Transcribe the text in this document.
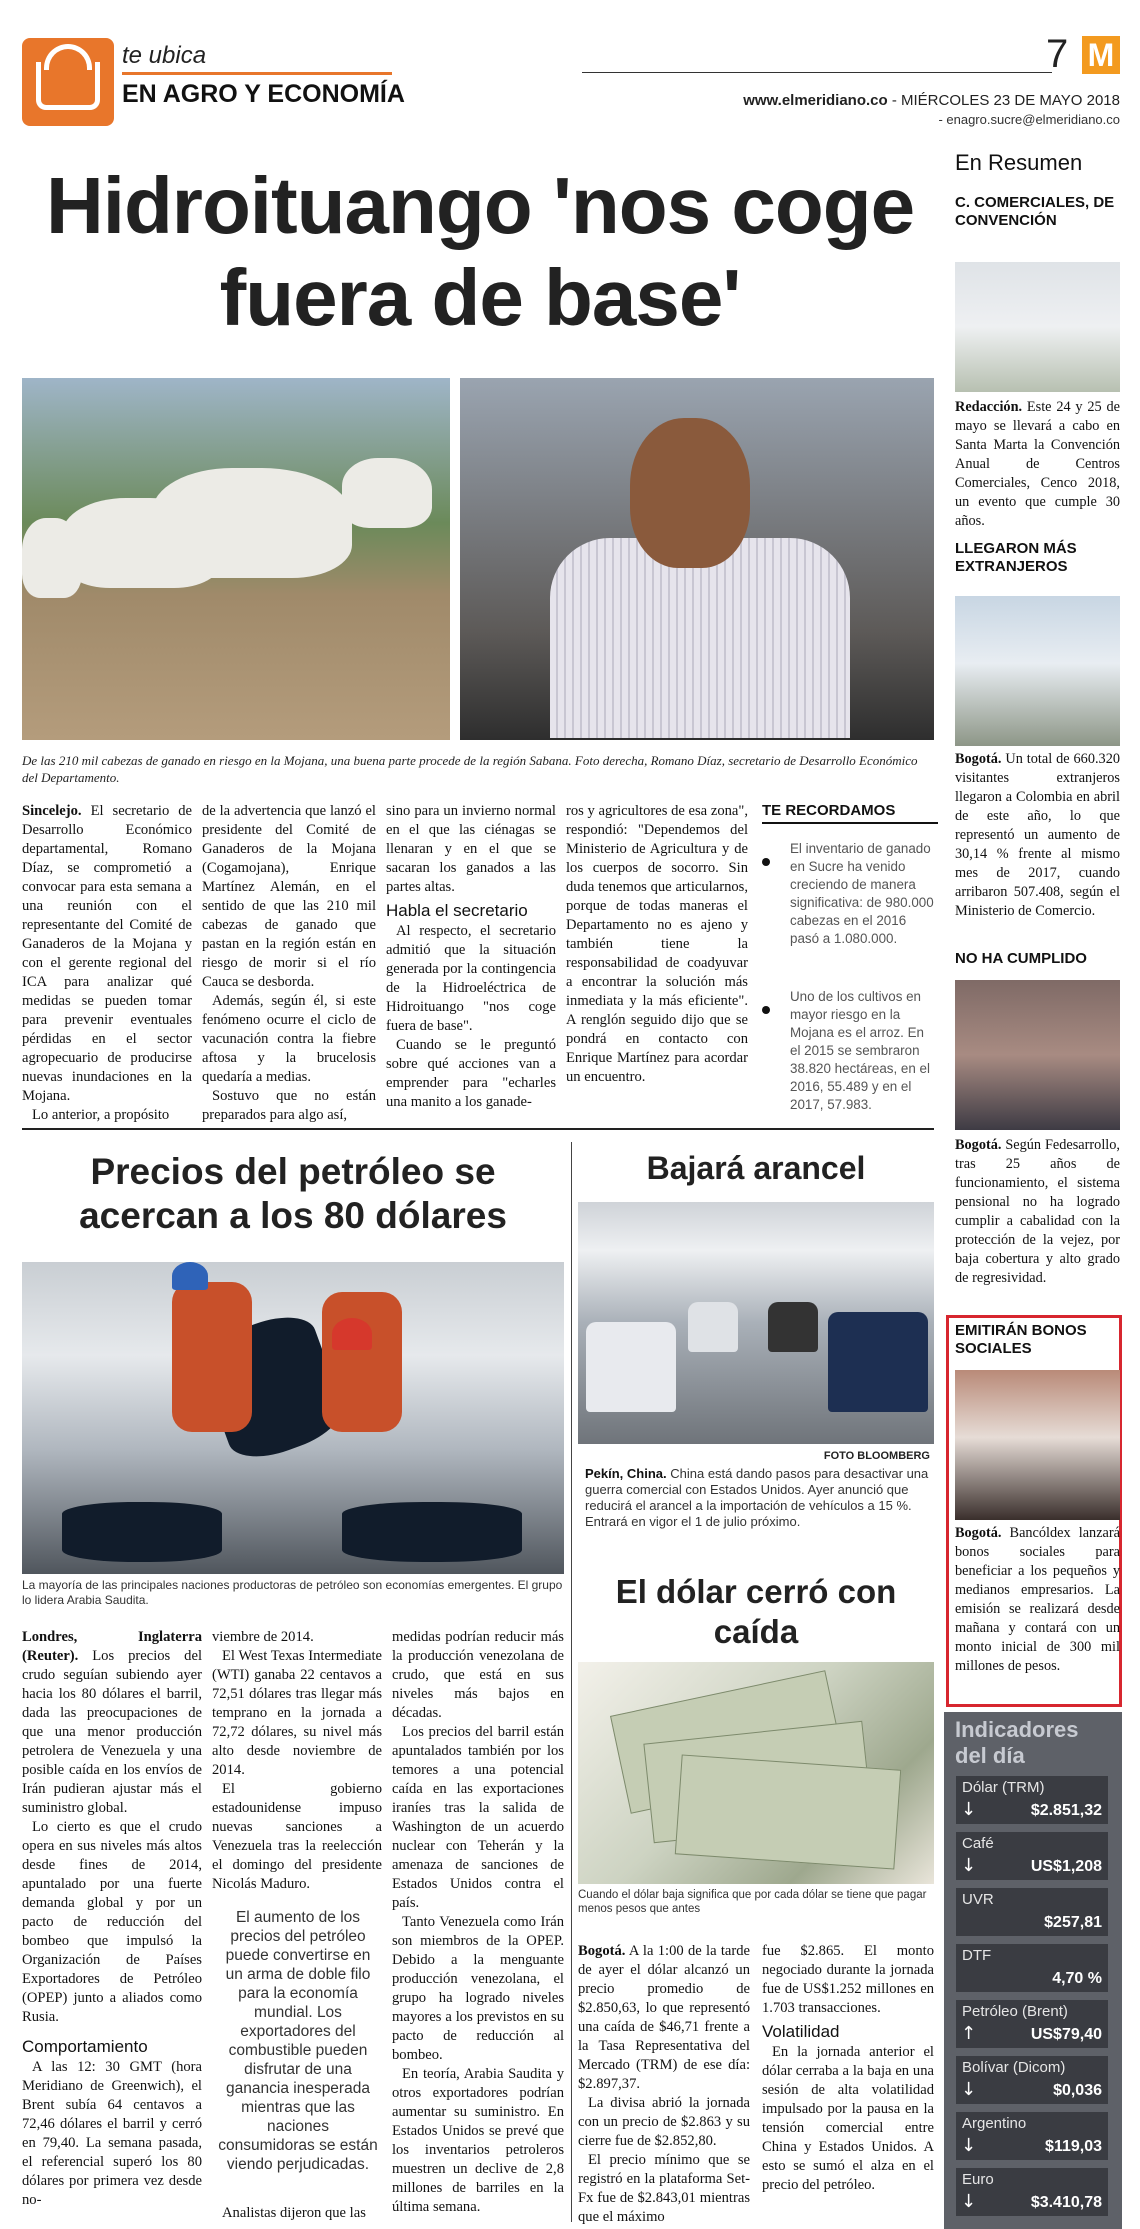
te ubica
EN AGRO Y ECONOMÍA
7 M
www.elmeridiano.co - MIÉRCOLES 23 DE MAYO 2018
- enagro.sucre@elmeridiano.co
Hidroituango 'nos coge fuera de base'
De las 210 mil cabezas de ganado en riesgo en la Mojana, una buena parte procede de la región Sabana. Foto derecha, Romano Díaz, secretario de Desarrollo Económico del Departamento.
Sincelejo. El secretario de Desarrollo Económico departamental, Romano Díaz, se comprometió a convocar para esta semana a una reunión con el representante del Comité de Ganaderos de la Mojana y con el gerente regional del ICA para analizar qué medidas se pueden tomar para prevenir eventuales pérdidas en el sector agropecuario de producirse nuevas inundaciones en la Mojana.
Lo anterior, a propósito
de la advertencia que lanzó el presidente del Comité de Ganaderos de la Mojana (Cogamojana), Enrique Martínez Alemán, en el sentido de que las 210 mil cabezas de ganado que pastan en la región están en riesgo de morir si el río Cauca se desborda.
Además, según él, si este fenómeno ocurre el ciclo de vacunación contra la fiebre aftosa y la brucelosis quedaría a medias.
Sostuvo que no están preparados para algo así,
sino para un invierno normal en el que las ciénagas se llenaran y en el que se sacaran los ganados a las partes altas.
Habla el secretario
Al respecto, el secretario admitió que la situación generada por la contingencia de la Hidroeléctrica de Hidroituango "nos coge fuera de base".
Cuando se le preguntó sobre qué acciones van a emprender para "echarles una manito a los ganade-
ros y agricultores de esa zona", respondió: "Dependemos del Ministerio de Agricultura y de los cuerpos de socorro. Sin duda tenemos que articularnos, porque de todas maneras el Departamento no es ajeno y también tiene la responsabilidad de coadyuvar a encontrar la solución más inmediata y la más eficiente". A renglón seguido dijo que se pondrá en contacto con Enrique Martínez para acordar un encuentro.
TE RECORDAMOS
El inventario de ganado en Sucre ha venido creciendo de manera significativa: de 980.000 cabezas en el 2016 pasó a 1.080.000.
Uno de los cultivos en mayor riesgo en la Mojana es el arroz. En el 2015 se sembraron 38.820 hectáreas, en el 2016, 55.489 y en el 2017, 57.983.
Precios del petróleo se acercan a los 80 dólares
La mayoría de las principales naciones productoras de petróleo son economías emergentes. El grupo lo lidera Arabia Saudita.
Londres, Inglaterra (Reuter). Los precios del crudo seguían subiendo ayer hacia los 80 dólares el barril, dada las preocupaciones de que una menor producción petrolera de Venezuela y una posible caída en los envíos de Irán pudieran ajustar más el suministro global.
Lo cierto es que el crudo opera en sus niveles más altos desde fines de 2014, apuntalado por una fuerte demanda global y por un pacto de reducción del bombeo que impulsó la Organización de Países Exportadores de Petróleo (OPEP) junto a aliados como Rusia.
Comportamiento
A las 12: 30 GMT (hora Meridiano de Greenwich), el Brent subía 64 centavos a 72,46 dólares el barril y cerró en 79,40. La semana pasada, el referencial superó los 80 dólares por primera vez desde no-
viembre de 2014.
El West Texas Intermediate (WTI) ganaba 22 centavos a 72,51 dólares tras llegar más temprano en la jornada a 72,72 dólares, su nivel más alto desde noviembre de 2014.
El gobierno estadounidense impuso nuevas sanciones a Venezuela tras la reelección el domingo del presidente Nicolás Maduro.
El aumento de los precios del petróleo puede convertirse en un arma de doble filo para la economía mundial. Los exportadores del combustible pueden disfrutar de una ganancia inesperada mientras que las naciones consumidoras se están viendo perjudicadas.
Analistas dijeron que las
medidas podrían reducir más la producción venezolana de crudo, que está en sus niveles más bajos en décadas.
Los precios del barril están apuntalados también por los temores a una potencial caída en las exportaciones iraníes tras la salida de Washington de un acuerdo nuclear con Teherán y la amenaza de sanciones de Estados Unidos contra el país.
Tanto Venezuela como Irán son miembros de la OPEP. Debido a la menguante producción venezolana, el grupo ha logrado niveles mayores a los previstos en su pacto de reducción al bombeo.
En teoría, Arabia Saudita y otros exportadores podrían aumentar su suministro. En Estados Unidos se prevé que los inventarios petroleros muestren un declive de 2,8 millones de barriles en la última semana.
Bajará arancel
FOTO BLOOMBERG
Pekín, China. China está dando pasos para desactivar una guerra comercial con Estados Unidos. Ayer anunció que reducirá el arancel a la importación de vehículos a 15 %. Entrará en vigor el 1 de julio próximo.
El dólar cerró con caída
Cuando el dólar baja significa que por cada dólar se tiene que pagar menos pesos que antes
Bogotá. A la 1:00 de la tarde de ayer el dólar alcanzó un precio promedio de $2.850,63, lo que representó una caída de $46,71 frente a la Tasa Representativa del Mercado (TRM) de ese día: $2.897,37.
La divisa abrió la jornada con un precio de $2.863 y su cierre fue de $2.852,80.
El precio mínimo que se registró en la plataforma Set-Fx fue de $2.843,01 mientras que el máximo
fue $2.865. El monto negociado durante la jornada fue de US$1.252 millones en 1.703 transacciones.
Volatilidad
En la jornada anterior el dólar cerraba a la baja en una sesión de alta volatilidad impulsado por la pausa en la tensión comercial entre China y Estados Unidos. A esto se sumó el alza en el precio del petróleo.
En Resumen
C. COMERCIALES, DE CONVENCIÓN
Redacción. Este 24 y 25 de mayo se llevará a cabo en Santa Marta la Convención Anual de Centros Comerciales, Cenco 2018, un evento que cumple 30 años.
LLEGARON MÁS EXTRANJEROS
Bogotá. Un total de 660.320 visitantes extranjeros llegaron a Colombia en abril de este año, lo que representó un aumento de 30,14 % frente al mismo mes de 2017, cuando arribaron 507.408, según el Ministerio de Comercio.
NO HA CUMPLIDO
Bogotá. Según Fedesarrollo, tras 25 años de funcionamiento, el sistema pensional no ha logrado cumplir a cabalidad con la protección de la vejez, por baja cobertura y alto grado de regresividad.
EMITIRÁN BONOS SOCIALES
Bogotá. Bancóldex lanzará bonos sociales para beneficiar a los pequeños y medianos empresarios. La emisión se realizará desde mañana y contará con un monto inicial de 300 mil millones de pesos.
Indicadores del día
Dólar (TRM)
↓	$2.851,32
Café
↓	US$1,208
UVR
$257,81
DTF
4,70 %
Petróleo (Brent)
↑	US$79,40
Bolívar (Dicom)
↓	$0,036
Argentino
↓	$119,03
Euro
↓	$3.410,78
